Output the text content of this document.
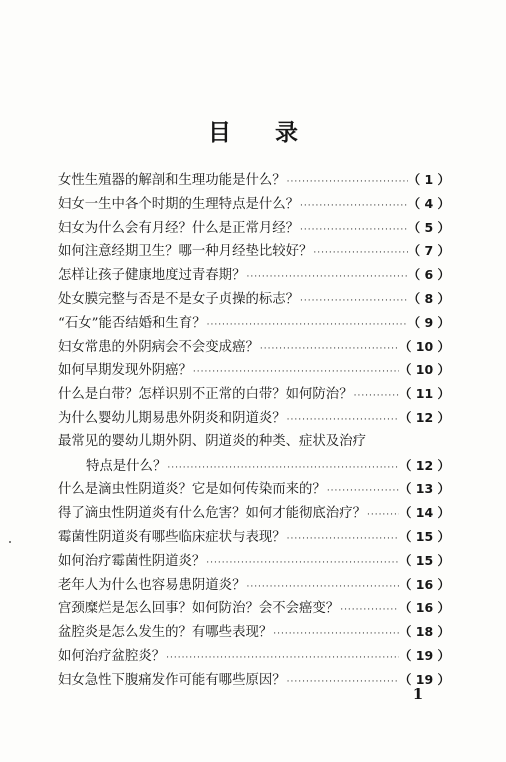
目 录
女性生殖器的解剖和生理功能是什么？ ·····	（ 1 ）
妇女一生中各个时期的生理特点是什么？ ·····	（ 4 ）
妇女为什么会有月经？什么是正常月经？ ·····	（ 5 ）
如何注意经期卫生？哪一种月经垫比较好？ ·····	（ 7 ）
怎样让孩子健康地度过青春期？ ·····	（ 6 ）
处女膜完整与否是不是女子贞操的标志？ ·····	（ 8 ）
“石女”能否结婚和生育？ ·····	（ 9 ）
妇女常患的外阴病会不会变成癌？ ·····	（ 10 ）
如何早期发现外阴癌？ ·····	（ 10 ）
什么是白带？怎样识别不正常的白带？如何防治？ ·····	（ 11 ）
为什么婴幼儿期易患外阴炎和阴道炎？ ·····	（ 12 ）
最常见的婴幼儿期外阴、阴道炎的种类、症状及治疗
特点是什么？ ·····	（ 12 ）
什么是滴虫性阴道炎？它是如何传染而来的？ ·····	（ 13 ）
得了滴虫性阴道炎有什么危害？如何才能彻底治疗？ ·····	（ 14 ）
霉菌性阴道炎有哪些临床症状与表现？ ·····	（ 15 ）
如何治疗霉菌性阴道炎？ ·····	（ 15 ）
老年人为什么也容易患阴道炎？ ·····	（ 16 ）
宫颈糜烂是怎么回事？如何防治？会不会癌变？ ·····	（ 16 ）
盆腔炎是怎么发生的？有哪些表现？ ·····	（ 18 ）
如何治疗盆腔炎？ ·····	（ 19 ）
妇女急性下腹痛发作可能有哪些原因？ ·····	（ 19 ）
1
